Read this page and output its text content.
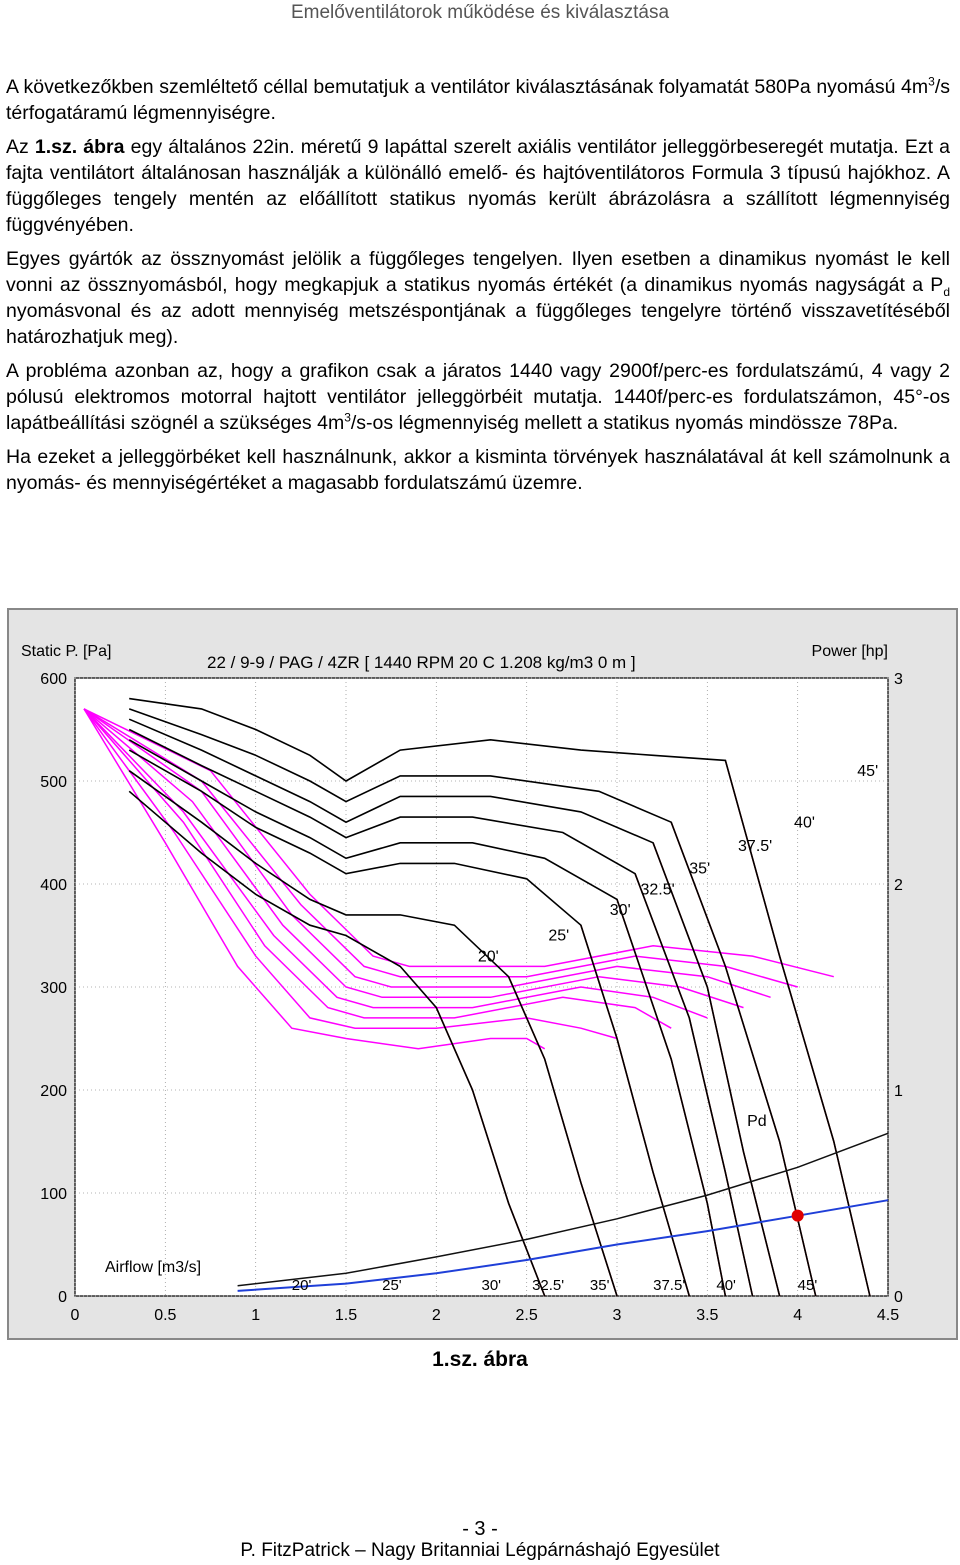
Emelőventilátorok működése és kiválasztása

A következőkben szemléltető céllal bemutatjuk a ventilátor kiválasztásának folyamatát 580Pa nyomású $4m^3/s$ térfogatáramú légmennyiségre.

Az 1.sz. ábra egy általános 22in. méretű 9 lapáttal szerelt axiális ventilátor jelleggörbeseregét mutatja. Ezt a fajta ventilátort általánosan használják a különálló emelő- és hajtóventilátoros Formula 3 típusú hajókhoz. A függőleges tengely mentén az előállított statikus nyomás került ábrázolásra a szállított légmennyiség függvényében.

Egyes gyártók az össznyomást jelölik a függőleges tengelyen. Ilyen esetben a dinamikus nyomást le kell vonni az össznyomásból, hogy megkapjuk a statikus nyomás értékét (a dinamikus nyomás nagyságát a $P_d$ nyomásvonal és az adott mennyiség metszéspontjának a függőleges tengelyre történő visszavetítéséből határozhatjuk meg).

A probléma azonban az, hogy a grafikon csak a járatos 1440 vagy 2900f/perc-es fordulatszámú, 4 vagy 2 pólusú elektromos motorral hajtott ventilátor jelleggörbéit mutatja. 1440f/perc-es fordulatszámon, 45°-os lapátbeállítási szögnél a szükséges $4m^3/s-os$ légmennyiség mellett a statikus nyomás mindössze 78Pa.

Ha ezeket a jelleggörbéket kell használnunk, akkor a kisminta törvények használatával át kell számolnunk a nyomás- és mennyiségértéket a magasabb fordulatszámú üzemre.

0	0.5	1	1.5	2	2.5	3	3.5	4	4.5
0
100
200
300
400
500
600
0
1
2
3
Static P. [Pa]	Power [hp]
22 / 9-9 / PAG / 4ZR [ 1440 RPM 20 C 1.208 kg/m3 0 m ]
Airflow [m3/s]
20'
25'
30'
32.5'
35'
37.5'
40'
45'
Pd
20'	25'	30' 32.5' 35'	37.5' 40'	45'
1.sz. ábra
- 3 -
P. FitzPatrick – Nagy Britanniai Légpárnáshajó Egyesület
